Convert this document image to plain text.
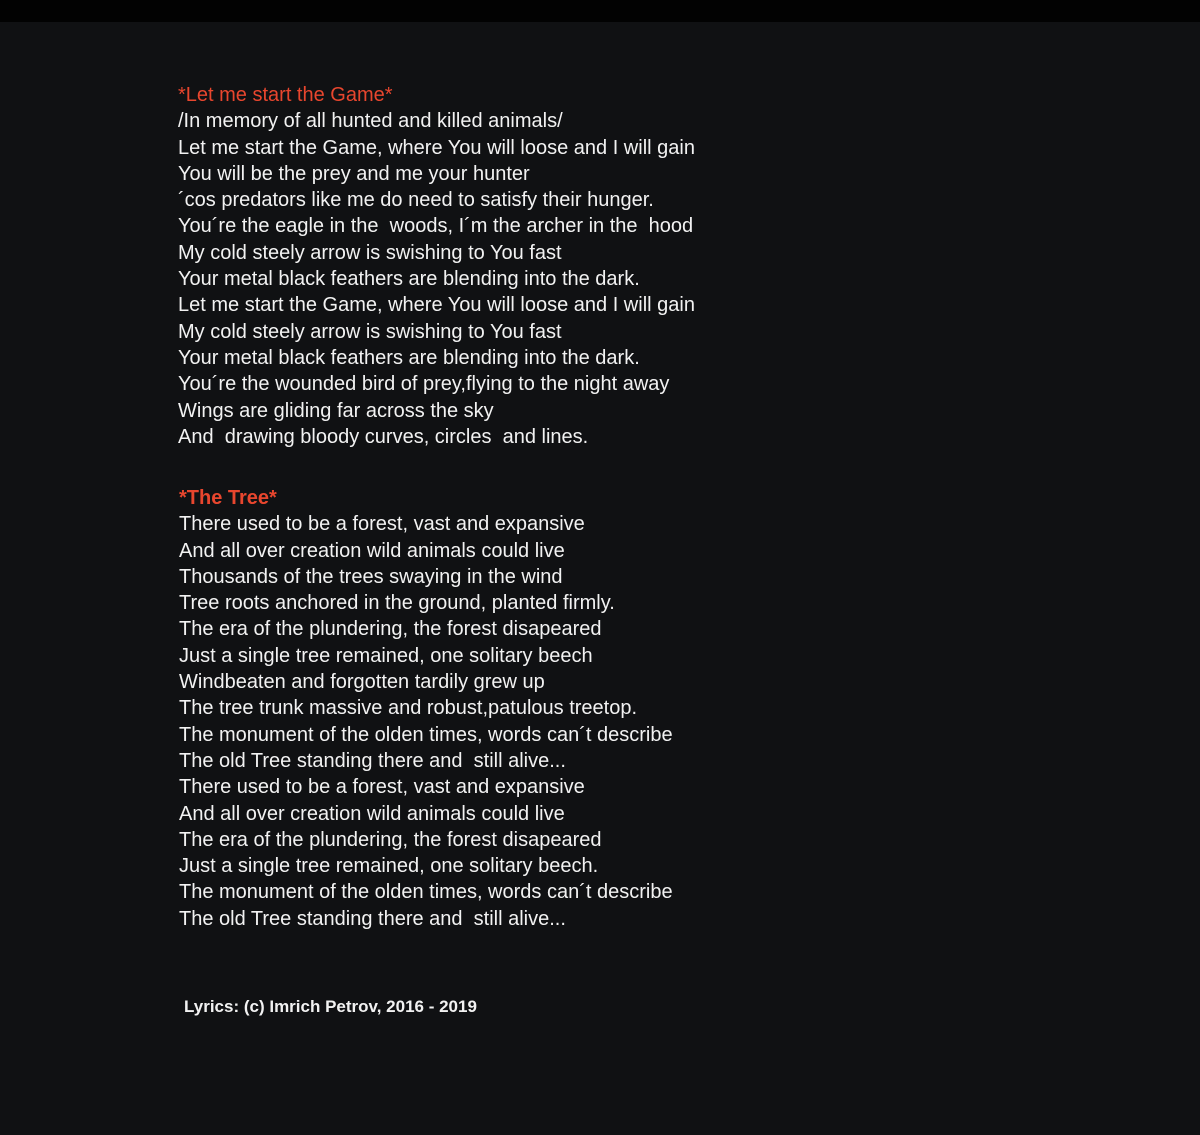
*Let me start the Game*
/In memory of all hunted and killed animals/
Let me start the Game, where You will loose and I will gain
You will be the prey and me your hunter
´cos predators like me do need to satisfy their hunger.
You´re the eagle in the  woods, I´m the archer in the  hood
My cold steely arrow is swishing to You fast
Your metal black feathers are blending into the dark.
Let me start the Game, where You will loose and I will gain
My cold steely arrow is swishing to You fast
Your metal black feathers are blending into the dark.
You´re the wounded bird of prey,flying to the night away
Wings are gliding far across the sky
And  drawing bloody curves, circles  and lines.
*The Tree*
There used to be a forest, vast and expansive
And all over creation wild animals could live
Thousands of the trees swaying in the wind
Tree roots anchored in the ground, planted firmly.
The era of the plundering, the forest disapeared
Just a single tree remained, one solitary beech
Windbeaten and forgotten tardily grew up
The tree trunk massive and robust,patulous treetop.
The monument of the olden times, words can´t describe
The old Tree standing there and  still alive...
There used to be a forest, vast and expansive
And all over creation wild animals could live
The era of the plundering, the forest disapeared
Just a single tree remained, one solitary beech.
The monument of the olden times, words can´t describe
The old Tree standing there and  still alive...
Lyrics: (c) Imrich Petrov, 2016 - 2019
